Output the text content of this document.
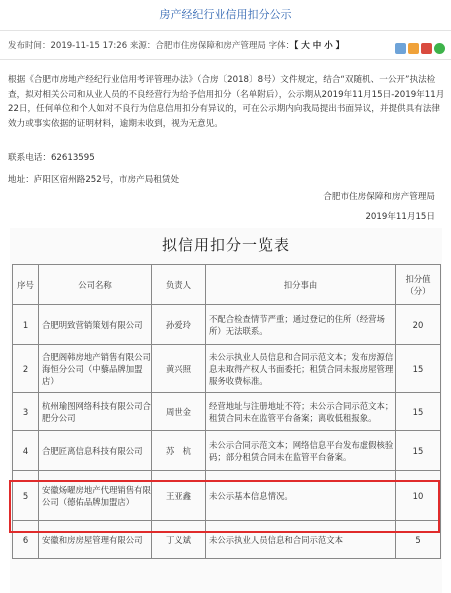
房产经纪行业信用扣分公示
发布时间：2019-11-15 17:26 来源：合肥市住房保障和房产管理局 字体：【 大 中 小 】
根据《合肥市房地产经纪行业信用考评管理办法》（合房〔2018〕8号）文件规定，结合“双随机、一公开”执法检查，拟对相关公司和从业人员的不良经营行为给予信用扣分（名单附后），公示期从2019年11月15日-2019年11月22日，任何单位和个人如对不良行为信息信用扣分有异议的，可在公示期内向我局提出书面异议，并提供具有法律效力或事实依据的证明材料，逾期未收到，视为无意见。
联系电话：62613595
地址：庐阳区宿州路252号，市房产局租赁处
合肥市住房保障和房产管理局
2019年11月15日
拟信用扣分一览表
序号	公司名称	负责人	扣分事由	扣分值（分）
1	合肥明致营销策划有限公司	孙爱玲	不配合检查情节严重；通过登记的住所（经营场所）无法联系。	20
2	合肥阁韩房地产销售有限公司海恒分公司（中藜品牌加盟店）	黄兴照	未公示执业人员信息和合同示范文本；发布房源信息未取得产权人书面委托；租赁合同未报房屋管理服务收费标准。	15
3	杭州瑜图网络科技有限公司合肥分公司	周世金	经营地址与注册地址不符；未公示合同示范文本；租赁合同未在监管平台备案；离收低租报象。	15
4	合肥匠离信息科技有限公司	苏　杭	未公示合同示范文本；网络信息平台发布虚假核验码；部分租赁合同未在监管平台备案。	15
5	安徽炀曜房地产代理销售有限公司（德佑品牌加盟店）	王亚鑫	未公示基本信息情况。	10
6	安徽和房房屋管理有限公司	丁义斌	未公示执业人员信息和合同示范文本	5
